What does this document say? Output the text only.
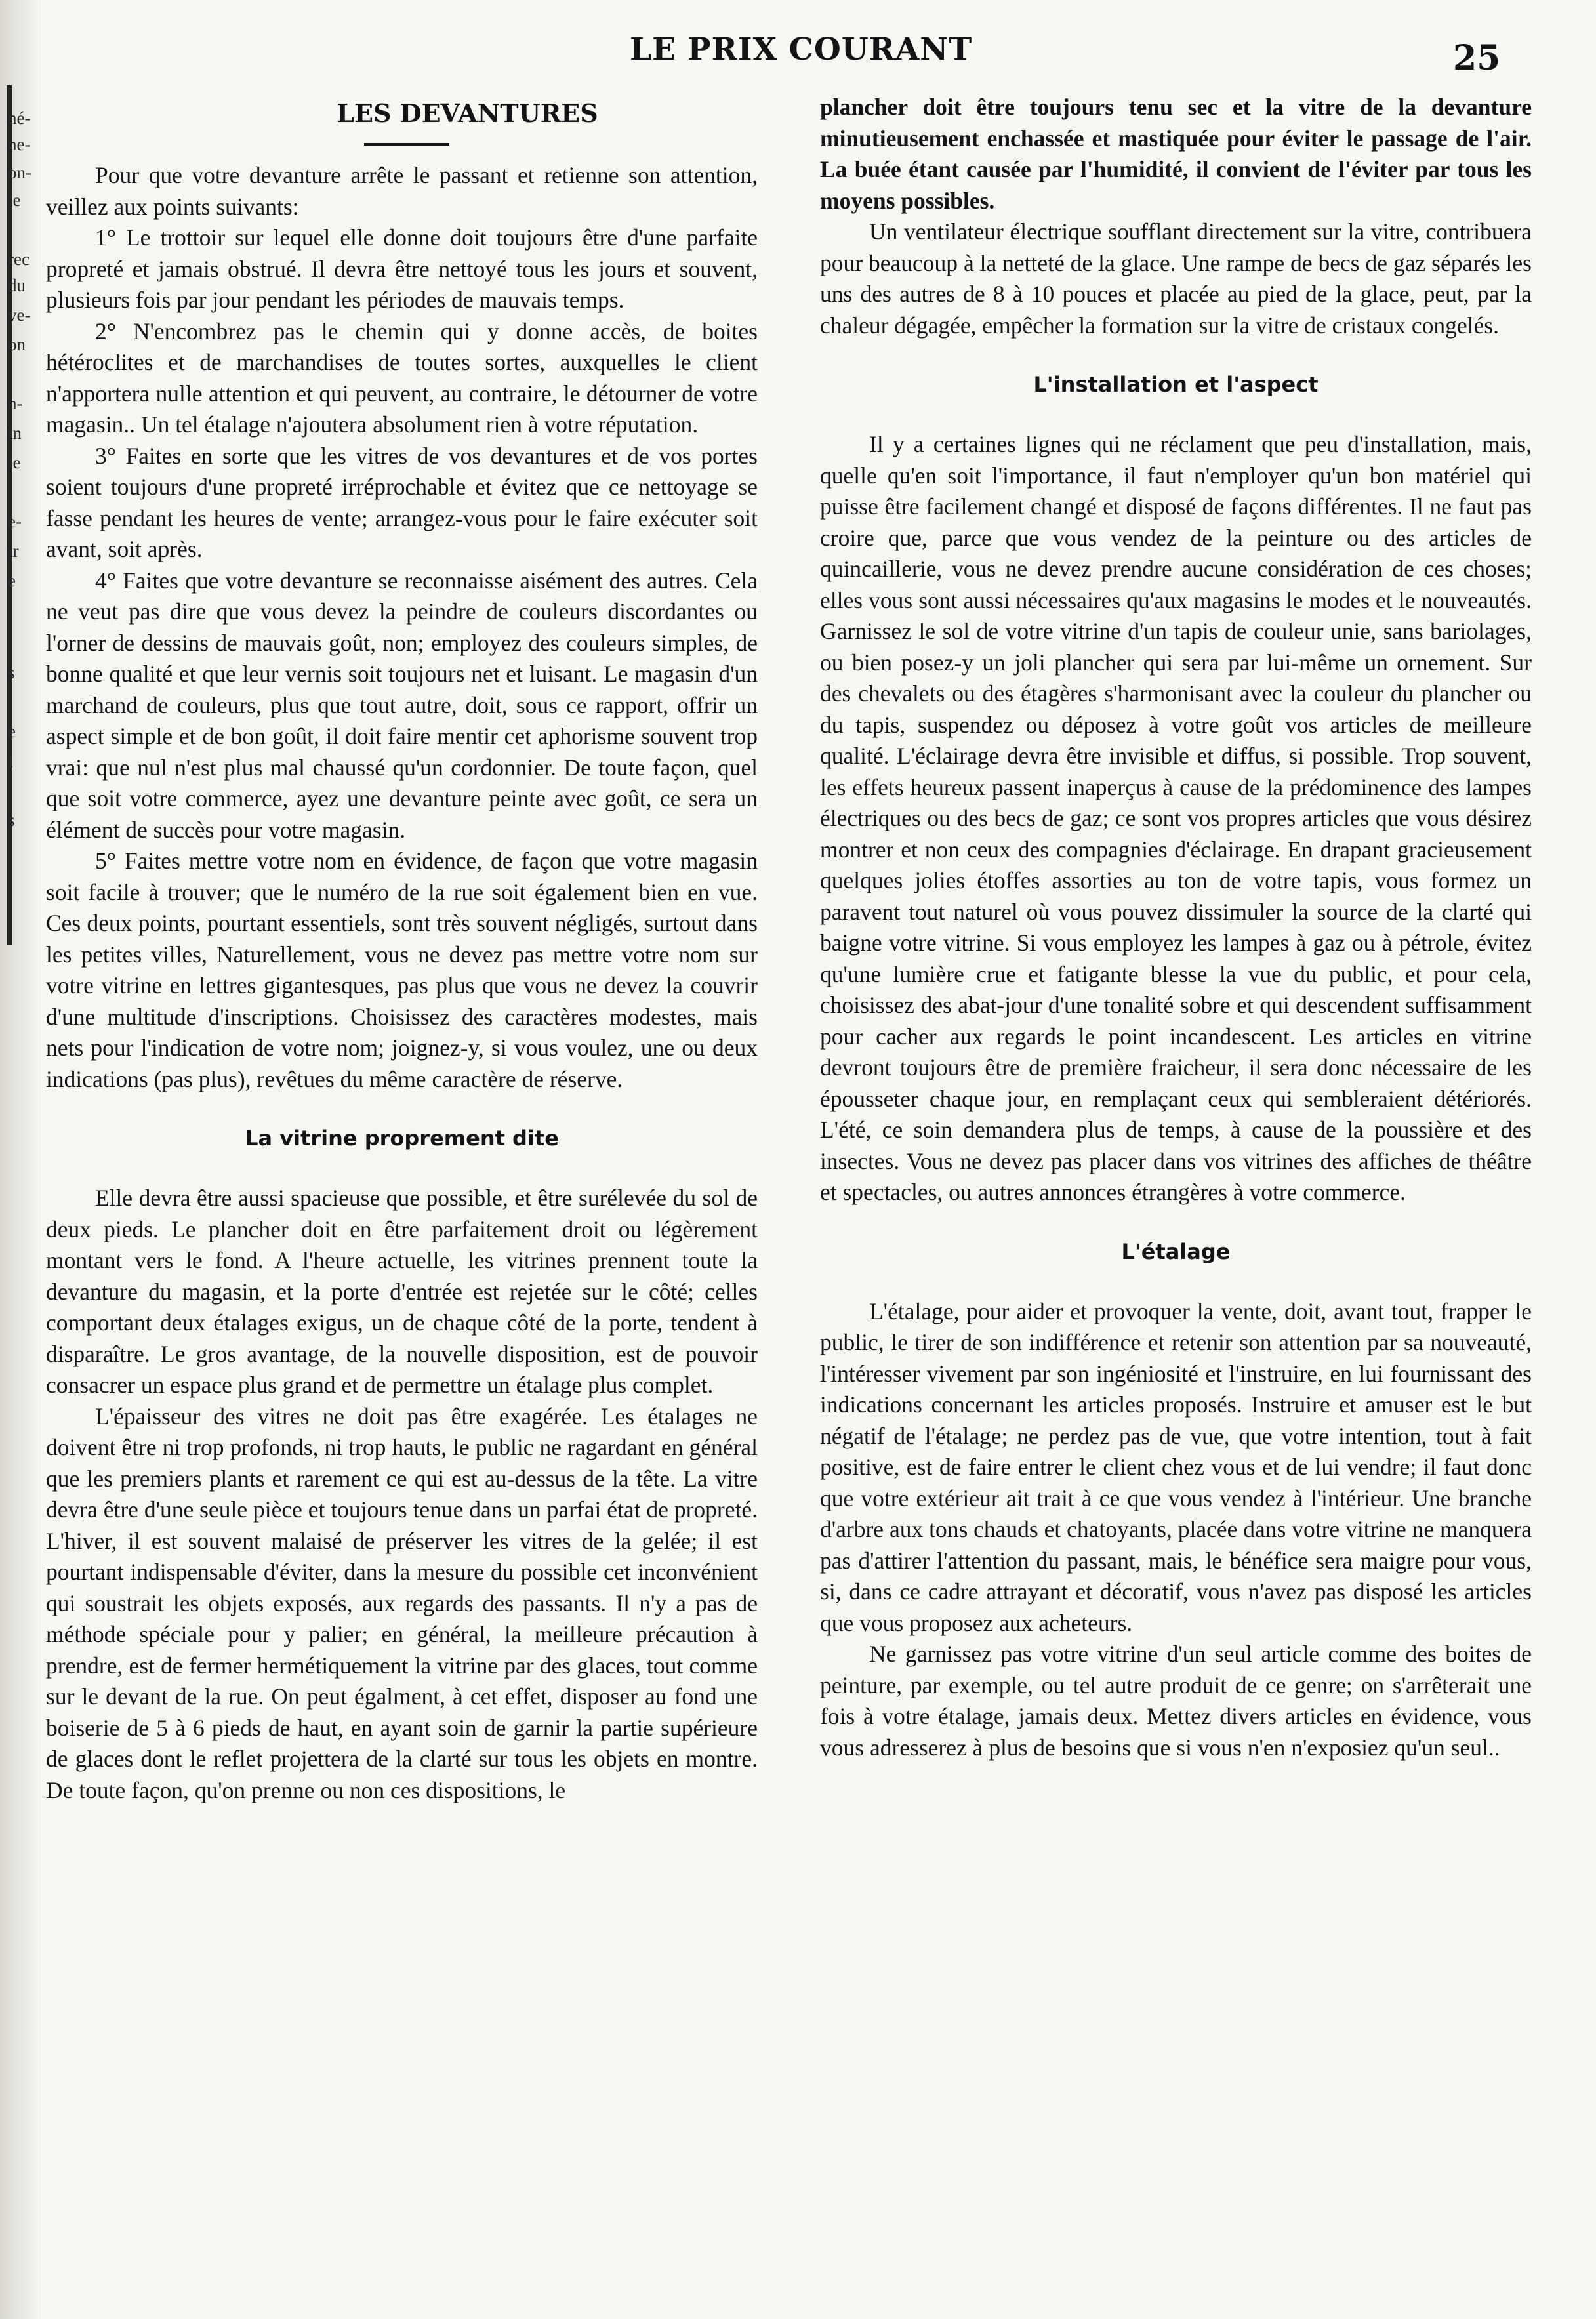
né-
ne-
on-
le
rec
du
ve-
on
n-
in
le
e-
ir
e
s
e
l
s
LE PRIX COURANT	25
LES DEVANTURES

Pour que votre devanture arrête le passant et retienne son attention, veillez aux points suivants:

1° Le trottoir sur lequel elle donne doit toujours être d'une parfaite propreté et jamais obstrué. Il devra être nettoyé tous les jours et souvent, plusieurs fois par jour pendant les périodes de mauvais temps.

2° N'encombrez pas le chemin qui y donne accès, de boites hétéroclites et de marchandises de toutes sortes, auxquelles le client n'apportera nulle attention et qui peuvent, au contraire, le détourner de votre magasin.. Un tel étalage n'ajoutera absolument rien à votre réputation.

3° Faites en sorte que les vitres de vos devantures et de vos portes soient toujours d'une propreté irréprochable et évitez que ce nettoyage se fasse pendant les heures de vente; arrangez-vous pour le faire exécuter soit avant, soit après.

4° Faites que votre devanture se reconnaisse aisément des autres. Cela ne veut pas dire que vous devez la peindre de couleurs discordantes ou l'orner de dessins de mauvais goût, non; employez des couleurs simples, de bonne qualité et que leur vernis soit toujours net et luisant. Le magasin d'un marchand de couleurs, plus que tout autre, doit, sous ce rapport, offrir un aspect simple et de bon goût, il doit faire mentir cet aphorisme souvent trop vrai: que nul n'est plus mal chaussé qu'un cordonnier. De toute façon, quel que soit votre commerce, ayez une devanture peinte avec goût, ce sera un élément de succès pour votre magasin.

5° Faites mettre votre nom en évidence, de façon que votre magasin soit facile à trouver; que le numéro de la rue soit également bien en vue. Ces deux points, pourtant essentiels, sont très souvent négligés, surtout dans les petites villes, Naturellement, vous ne devez pas mettre votre nom sur votre vitrine en lettres gigantesques, pas plus que vous ne devez la couvrir d'une multitude d'inscriptions. Choisissez des caractères modestes, mais nets pour l'indication de votre nom; joignez-y, si vous voulez, une ou deux indications (pas plus), revêtues du même caractère de réserve.

La vitrine proprement dite

Elle devra être aussi spacieuse que possible, et être surélevée du sol de deux pieds. Le plancher doit en être parfaitement droit ou légèrement montant vers le fond. A l'heure actuelle, les vitrines prennent toute la devanture du magasin, et la porte d'entrée est rejetée sur le côté; celles comportant deux étalages exigus, un de chaque côté de la porte, tendent à disparaître. Le gros avantage, de la nouvelle disposition, est de pouvoir consacrer un espace plus grand et de permettre un étalage plus complet.

L'épaisseur des vitres ne doit pas être exagérée. Les étalages ne doivent être ni trop profonds, ni trop hauts, le public ne ragardant en général que les premiers plants et rarement ce qui est au-dessus de la tête. La vitre devra être d'une seule pièce et toujours tenue dans un parfai état de propreté. L'hiver, il est souvent malaisé de préserver les vitres de la gelée; il est pourtant indispensable d'éviter, dans la mesure du possible cet inconvénient qui soustrait les objets exposés, aux regards des passants. Il n'y a pas de méthode spéciale pour y palier; en général, la meilleure précaution à prendre, est de fermer hermétiquement la vitrine par des glaces, tout comme sur le devant de la rue. On peut égalment, à cet effet, disposer au fond une boiserie de 5 à 6 pieds de haut, en ayant soin de garnir la partie supérieure de glaces dont le reflet projettera de la clarté sur tous les objets en montre. De toute façon, qu'on prenne ou non ces dispositions, le

plancher doit être toujours tenu sec et la vitre de la devanture minutieusement enchassée et mastiquée pour éviter le passage de l'air. La buée étant causée par l'humidité, il convient de l'éviter par tous les moyens possibles.

Un ventilateur électrique soufflant directement sur la vitre, contribuera pour beaucoup à la netteté de la glace. Une rampe de becs de gaz séparés les uns des autres de 8 à 10 pouces et placée au pied de la glace, peut, par la chaleur dégagée, empêcher la formation sur la vitre de cristaux congelés.

L'installation et l'aspect

Il y a certaines lignes qui ne réclament que peu d'installation, mais, quelle qu'en soit l'importance, il faut n'employer qu'un bon matériel qui puisse être facilement changé et disposé de façons différentes. Il ne faut pas croire que, parce que vous vendez de la peinture ou des articles de quincaillerie, vous ne devez prendre aucune considération de ces choses; elles vous sont aussi nécessaires qu'aux magasins le modes et le nouveautés. Garnissez le sol de votre vitrine d'un tapis de couleur unie, sans bariolages, ou bien posez-y un joli plancher qui sera par lui-même un ornement. Sur des chevalets ou des étagères s'harmonisant avec la couleur du plancher ou du tapis, suspendez ou déposez à votre goût vos articles de meilleure qualité. L'éclairage devra être invisible et diffus, si possible. Trop souvent, les effets heureux passent inaperçus à cause de la prédominence des lampes électriques ou des becs de gaz; ce sont vos propres articles que vous désirez montrer et non ceux des compagnies d'éclairage. En drapant gracieusement quelques jolies étoffes assorties au ton de votre tapis, vous formez un paravent tout naturel où vous pouvez dissimuler la source de la clarté qui baigne votre vitrine. Si vous employez les lampes à gaz ou à pétrole, évitez qu'une lumière crue et fatigante blesse la vue du public, et pour cela, choisissez des abat-jour d'une tonalité sobre et qui descendent suffisamment pour cacher aux regards le point incandescent. Les articles en vitrine devront toujours être de première fraicheur, il sera donc nécessaire de les épousseter chaque jour, en remplaçant ceux qui sembleraient détériorés. L'été, ce soin demandera plus de temps, à cause de la poussière et des insectes. Vous ne devez pas placer dans vos vitrines des affiches de théâtre et spectacles, ou autres annonces étrangères à votre commerce.

L'étalage

L'étalage, pour aider et provoquer la vente, doit, avant tout, frapper le public, le tirer de son indifférence et retenir son attention par sa nouveauté, l'intéresser vivement par son ingéniosité et l'instruire, en lui fournissant des indications concernant les articles proposés. Instruire et amuser est le but négatif de l'étalage; ne perdez pas de vue, que votre intention, tout à fait positive, est de faire entrer le client chez vous et de lui vendre; il faut donc que votre extérieur ait trait à ce que vous vendez à l'intérieur. Une branche d'arbre aux tons chauds et chatoyants, placée dans votre vitrine ne manquera pas d'attirer l'attention du passant, mais, le bénéfice sera maigre pour vous, si, dans ce cadre attrayant et décoratif, vous n'avez pas disposé les articles que vous proposez aux acheteurs.

Ne garnissez pas votre vitrine d'un seul article comme des boites de peinture, par exemple, ou tel autre produit de ce genre; on s'arrêterait une fois à votre étalage, jamais deux. Mettez divers articles en évidence, vous vous adresserez à plus de besoins que si vous n'en n'exposiez qu'un seul..
